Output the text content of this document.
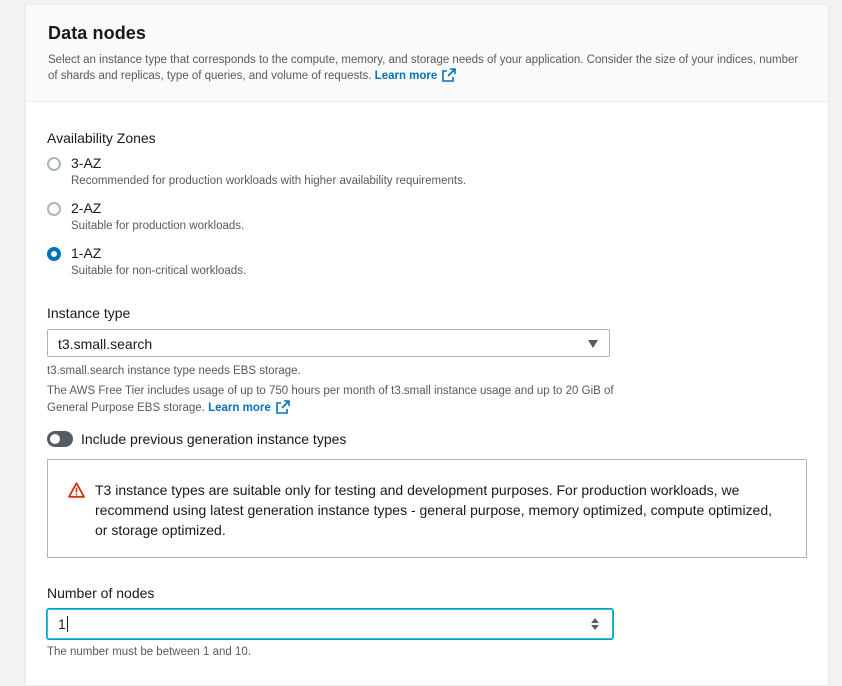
Data nodes
Select an instance type that corresponds to the compute, memory, and storage needs of your application. Consider the size of your indices, number of shards and replicas, type of queries, and volume of requests. Learn more
Availability Zones
3-AZ
Recommended for production workloads with higher availability requirements.
2-AZ
Suitable for production workloads.
1-AZ
Suitable for non-critical workloads.
Instance type
t3.small.search
t3.small.search instance type needs EBS storage.
The AWS Free Tier includes usage of up to 750 hours per month of t3.small instance usage and up to 20 GiB of General Purpose EBS storage. Learn more
Include previous generation instance types
T3 instance types are suitable only for testing and development purposes. For production workloads, we recommend using latest generation instance types - general purpose, memory optimized, compute optimized, or storage optimized.
Number of nodes
1
The number must be between 1 and 10.
